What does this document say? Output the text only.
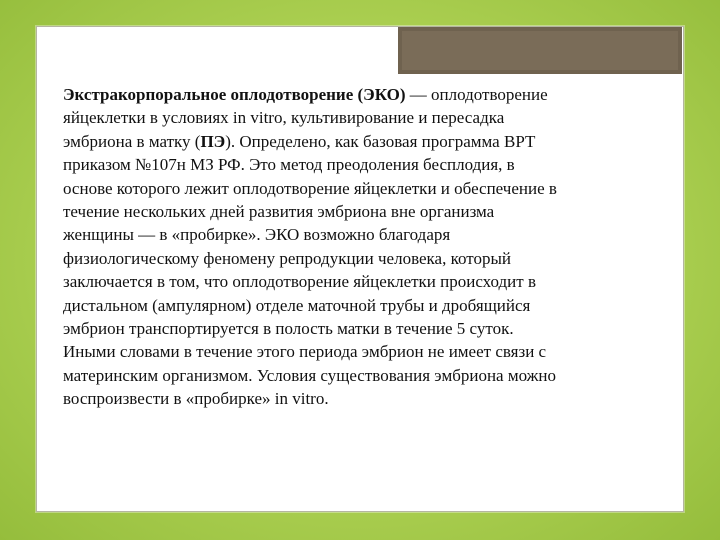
Экстракорпоральное оплодотворение (ЭКО) — оплодотворение
яйцеклетки в условиях in vitro, культивирование и пересадка
эмбриона в матку (ПЭ). Определено, как базовая программа ВРТ
приказом №107н МЗ РФ. Это метод преодоления бесплодия, в
основе которого лежит оплодотворение яйцеклетки и обеспечение в
течение нескольких дней развития эмбриона вне организма
женщины — в «пробирке». ЭКО возможно благодаря
физиологическому феномену репродукции человека, который
заключается в том, что оплодотворение яйцеклетки происходит в
дистальном (ампулярном) отделе маточной трубы и дробящийся
эмбрион транспортируется в полость матки в течение 5 суток.
Иными словами в течение этого периода эмбрион не имеет связи с
материнским организмом. Условия существования эмбриона можно
воспроизвести в «пробирке» in vitro.
